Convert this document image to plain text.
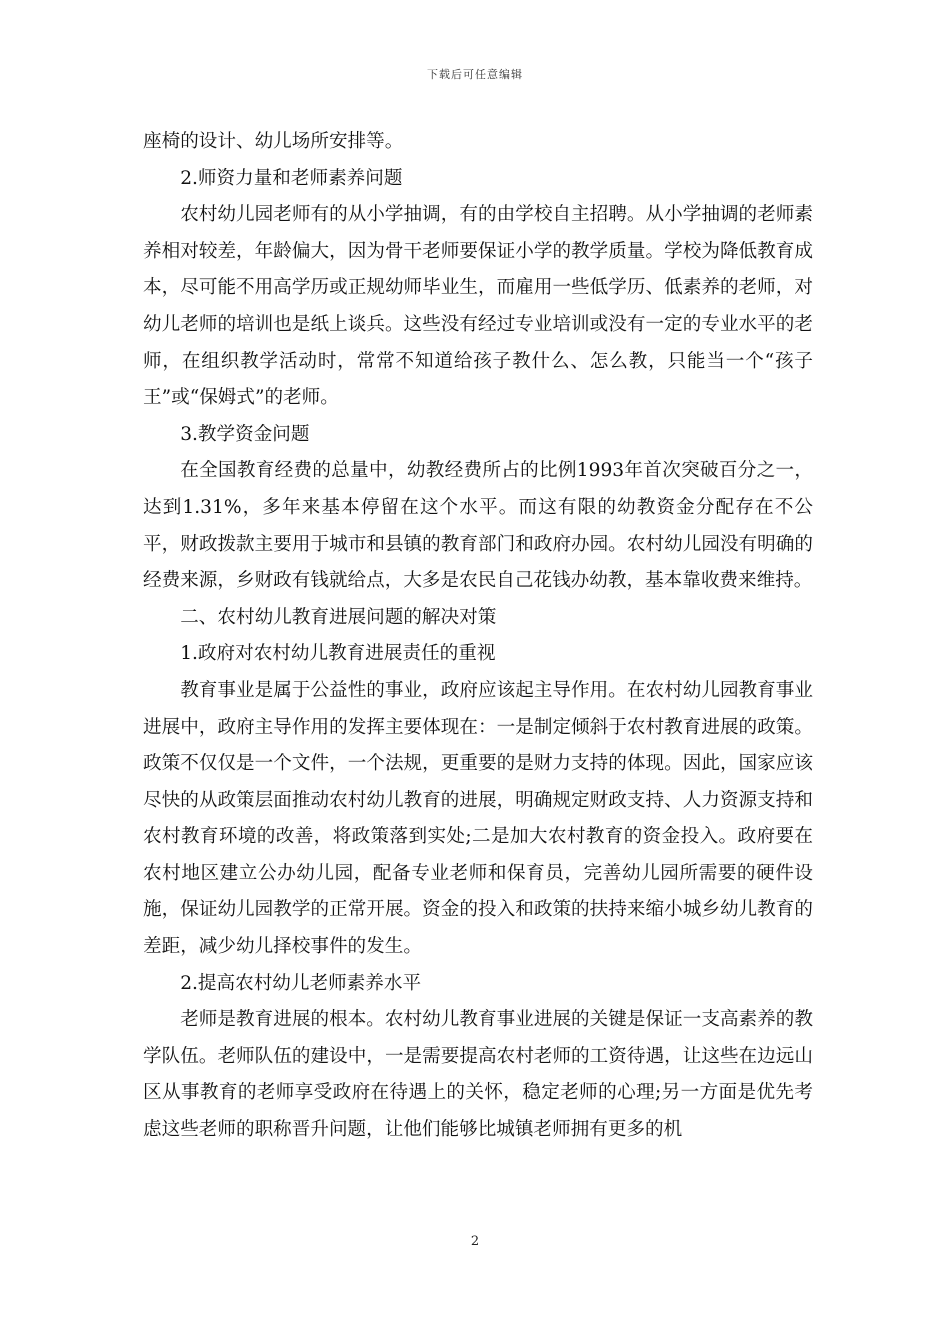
下载后可任意编辑

座椅的设计、幼儿场所安排等。

2.师资力量和老师素养问题

农村幼儿园老师有的从小学抽调，有的由学校自主招聘。从小学抽调的老师素养相对较差，年龄偏大，因为骨干老师要保证小学的教学质量。学校为降低教育成本，尽可能不用高学历或正规幼师毕业生，而雇用一些低学历、低素养的老师，对幼儿老师的培训也是纸上谈兵。这些没有经过专业培训或没有一定的专业水平的老师，在组织教学活动时，常常不知道给孩子教什么、怎么教，只能当一个“孩子王”或“保姆式”的老师。

3.教学资金问题

在全国教育经费的总量中，幼教经费所占的比例1993年首次突破百分之一，达到1.31%，多年来基本停留在这个水平。而这有限的幼教资金分配存在不公平，财政拨款主要用于城市和县镇的教育部门和政府办园。农村幼儿园没有明确的经费来源，乡财政有钱就给点，大多是农民自己花钱办幼教，基本靠收费来维持。

二、农村幼儿教育进展问题的解决对策

1.政府对农村幼儿教育进展责任的重视

教育事业是属于公益性的事业，政府应该起主导作用。在农村幼儿园教育事业进展中，政府主导作用的发挥主要体现在：一是制定倾斜于农村教育进展的政策。政策不仅仅是一个文件，一个法规，更重要的是财力支持的体现。因此，国家应该尽快的从政策层面推动农村幼儿教育的进展，明确规定财政支持、人力资源支持和农村教育环境的改善，将政策落到实处;二是加大农村教育的资金投入。政府要在农村地区建立公办幼儿园，配备专业老师和保育员，完善幼儿园所需要的硬件设施，保证幼儿园教学的正常开展。资金的投入和政策的扶持来缩小城乡幼儿教育的差距，减少幼儿择校事件的发生。

2.提高农村幼儿老师素养水平

老师是教育进展的根本。农村幼儿教育事业进展的关键是保证一支高素养的教学队伍。老师队伍的建设中，一是需要提高农村老师的工资待遇，让这些在边远山区从事教育的老师享受政府在待遇上的关怀，稳定老师的心理;另一方面是优先考虑这些老师的职称晋升问题，让他们能够比城镇老师拥有更多的机

2
